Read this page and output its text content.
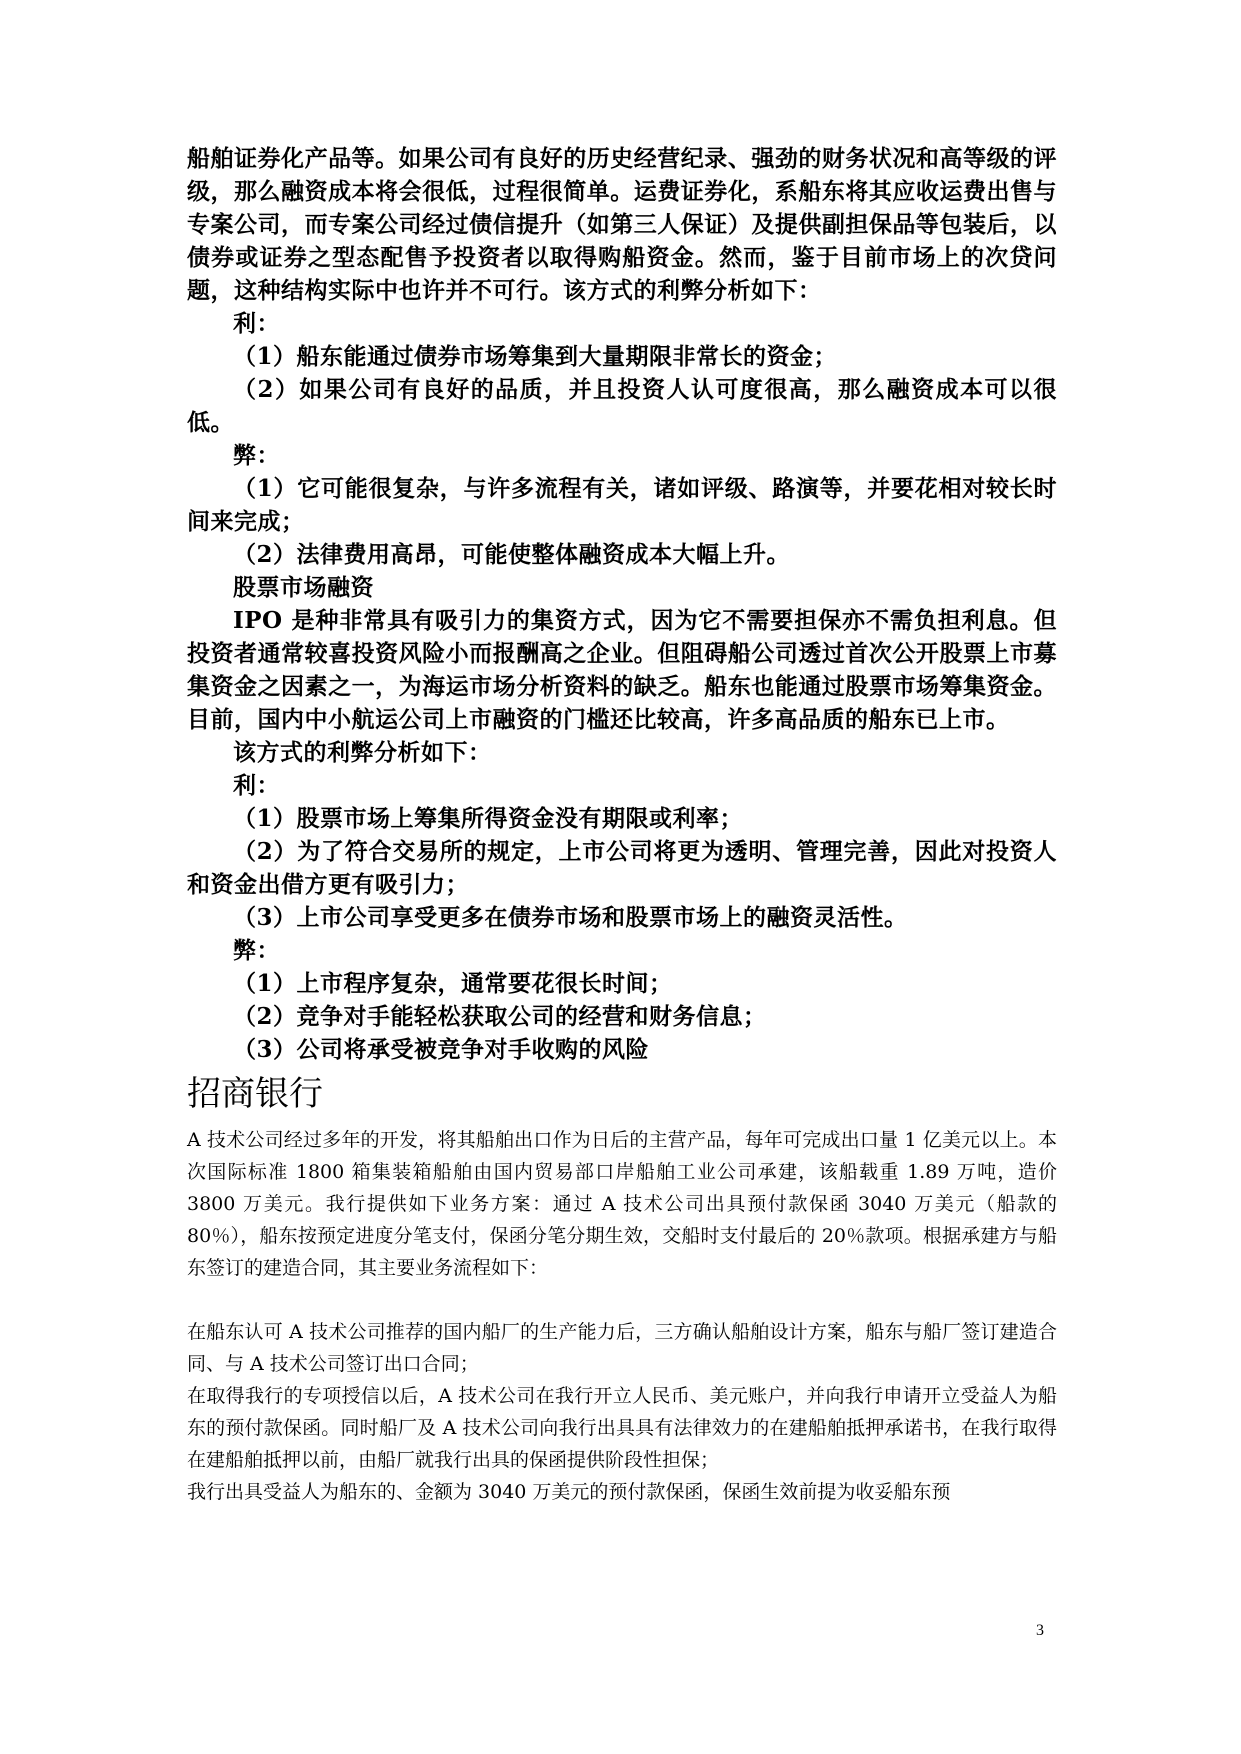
船舶证券化产品等。如果公司有良好的历史经营纪录、强劲的财务状况和高等级的评级，那么融资成本将会很低，过程很简单。运费证券化，系船东将其应收运费出售与专案公司，而专案公司经过债信提升（如第三人保证）及提供副担保品等包装后，以债券或证券之型态配售予投资者以取得购船资金。然而，鉴于目前市场上的次贷问题，这种结构实际中也许并不可行。该方式的利弊分析如下：

利：

（1）船东能通过债券市场筹集到大量期限非常长的资金；

（2）如果公司有良好的品质，并且投资人认可度很高，那么融资成本可以很低。

弊：

（1）它可能很复杂，与许多流程有关，诸如评级、路演等，并要花相对较长时间来完成；

（2）法律费用高昂，可能使整体融资成本大幅上升。

股票市场融资

IPO 是种非常具有吸引力的集资方式，因为它不需要担保亦不需负担利息。但投资者通常较喜投资风险小而报酬高之企业。但阻碍船公司透过首次公开股票上市募集资金之因素之一，为海运市场分析资料的缺乏。船东也能通过股票市场筹集资金。目前，国内中小航运公司上市融资的门槛还比较高，许多高品质的船东已上市。

该方式的利弊分析如下：

利：

（1）股票市场上筹集所得资金没有期限或利率；

（2）为了符合交易所的规定，上市公司将更为透明、管理完善，因此对投资人和资金出借方更有吸引力；

（3）上市公司享受更多在债券市场和股票市场上的融资灵活性。

弊：

（1）上市程序复杂，通常要花很长时间；

（2）竞争对手能轻松获取公司的经营和财务信息；

（3）公司将承受被竞争对手收购的风险

招商银行

A 技术公司经过多年的开发，将其船舶出口作为日后的主营产品，每年可完成出口量 1 亿美元以上。本次国际标准 1800 箱集装箱船舶由国内贸易部口岸船舶工业公司承建，该船载重 1.89 万吨，造价 3800 万美元。我行提供如下业务方案：通过 A 技术公司出具预付款保函 3040 万美元（船款的 80％），船东按预定进度分笔支付，保函分笔分期生效，交船时支付最后的 20％款项。根据承建方与船东签订的建造合同，其主要业务流程如下：

在船东认可 A 技术公司推荐的国内船厂的生产能力后，三方确认船舶设计方案，船东与船厂签订建造合同、与 A 技术公司签订出口合同；

在取得我行的专项授信以后，A 技术公司在我行开立人民币、美元账户，并向我行申请开立受益人为船东的预付款保函。同时船厂及 A 技术公司向我行出具具有法律效力的在建船舶抵押承诺书，在我行取得在建船舶抵押以前，由船厂就我行出具的保函提供阶段性担保；

我行出具受益人为船东的、金额为 3040 万美元的预付款保函，保函生效前提为收妥船东预

3
